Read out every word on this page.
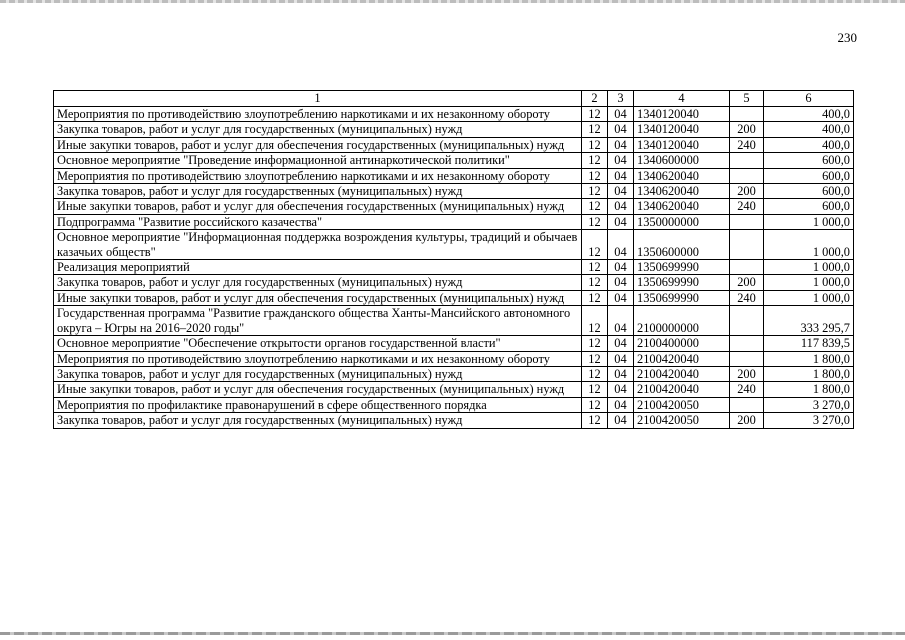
230
1	2	3	4	5	6
Мероприятия по противодействию злоупотреблению наркотиками и их незаконному обороту	12	04	1340120040		400,0
Закупка товаров, работ и услуг для государственных (муниципальных) нужд	12	04	1340120040	200	400,0
Иные закупки товаров, работ и услуг для обеспечения государственных (муниципальных) нужд	12	04	1340120040	240	400,0
Основное мероприятие "Проведение информационной антинаркотической политики"	12	04	1340600000		600,0
Мероприятия по противодействию злоупотреблению наркотиками и их незаконному обороту	12	04	1340620040		600,0
Закупка товаров, работ и услуг для государственных (муниципальных) нужд	12	04	1340620040	200	600,0
Иные закупки товаров, работ и услуг для обеспечения государственных (муниципальных) нужд	12	04	1340620040	240	600,0
Подпрограмма "Развитие российского казачества"	12	04	1350000000		1 000,0
Основное мероприятие "Информационная поддержка возрождения культуры, традиций и обычаев казачьих обществ"	12	04	1350600000		1 000,0
Реализация мероприятий	12	04	1350699990		1 000,0
Закупка товаров, работ и услуг для государственных (муниципальных) нужд	12	04	1350699990	200	1 000,0
Иные закупки товаров, работ и услуг для обеспечения государственных (муниципальных) нужд	12	04	1350699990	240	1 000,0
Государственная программа "Развитие гражданского общества Ханты-Мансийского автономного округа – Югры на 2016–2020 годы"	12	04	2100000000		333 295,7
Основное мероприятие "Обеспечение открытости органов государственной власти"	12	04	2100400000		117 839,5
Мероприятия по противодействию злоупотреблению наркотиками и их незаконному обороту	12	04	2100420040		1 800,0
Закупка товаров, работ и услуг для государственных (муниципальных) нужд	12	04	2100420040	200	1 800,0
Иные закупки товаров, работ и услуг для обеспечения государственных (муниципальных) нужд	12	04	2100420040	240	1 800,0
Мероприятия по профилактике правонарушений в сфере общественного порядка	12	04	2100420050		3 270,0
Закупка товаров, работ и услуг для государственных (муниципальных) нужд	12	04	2100420050	200	3 270,0
